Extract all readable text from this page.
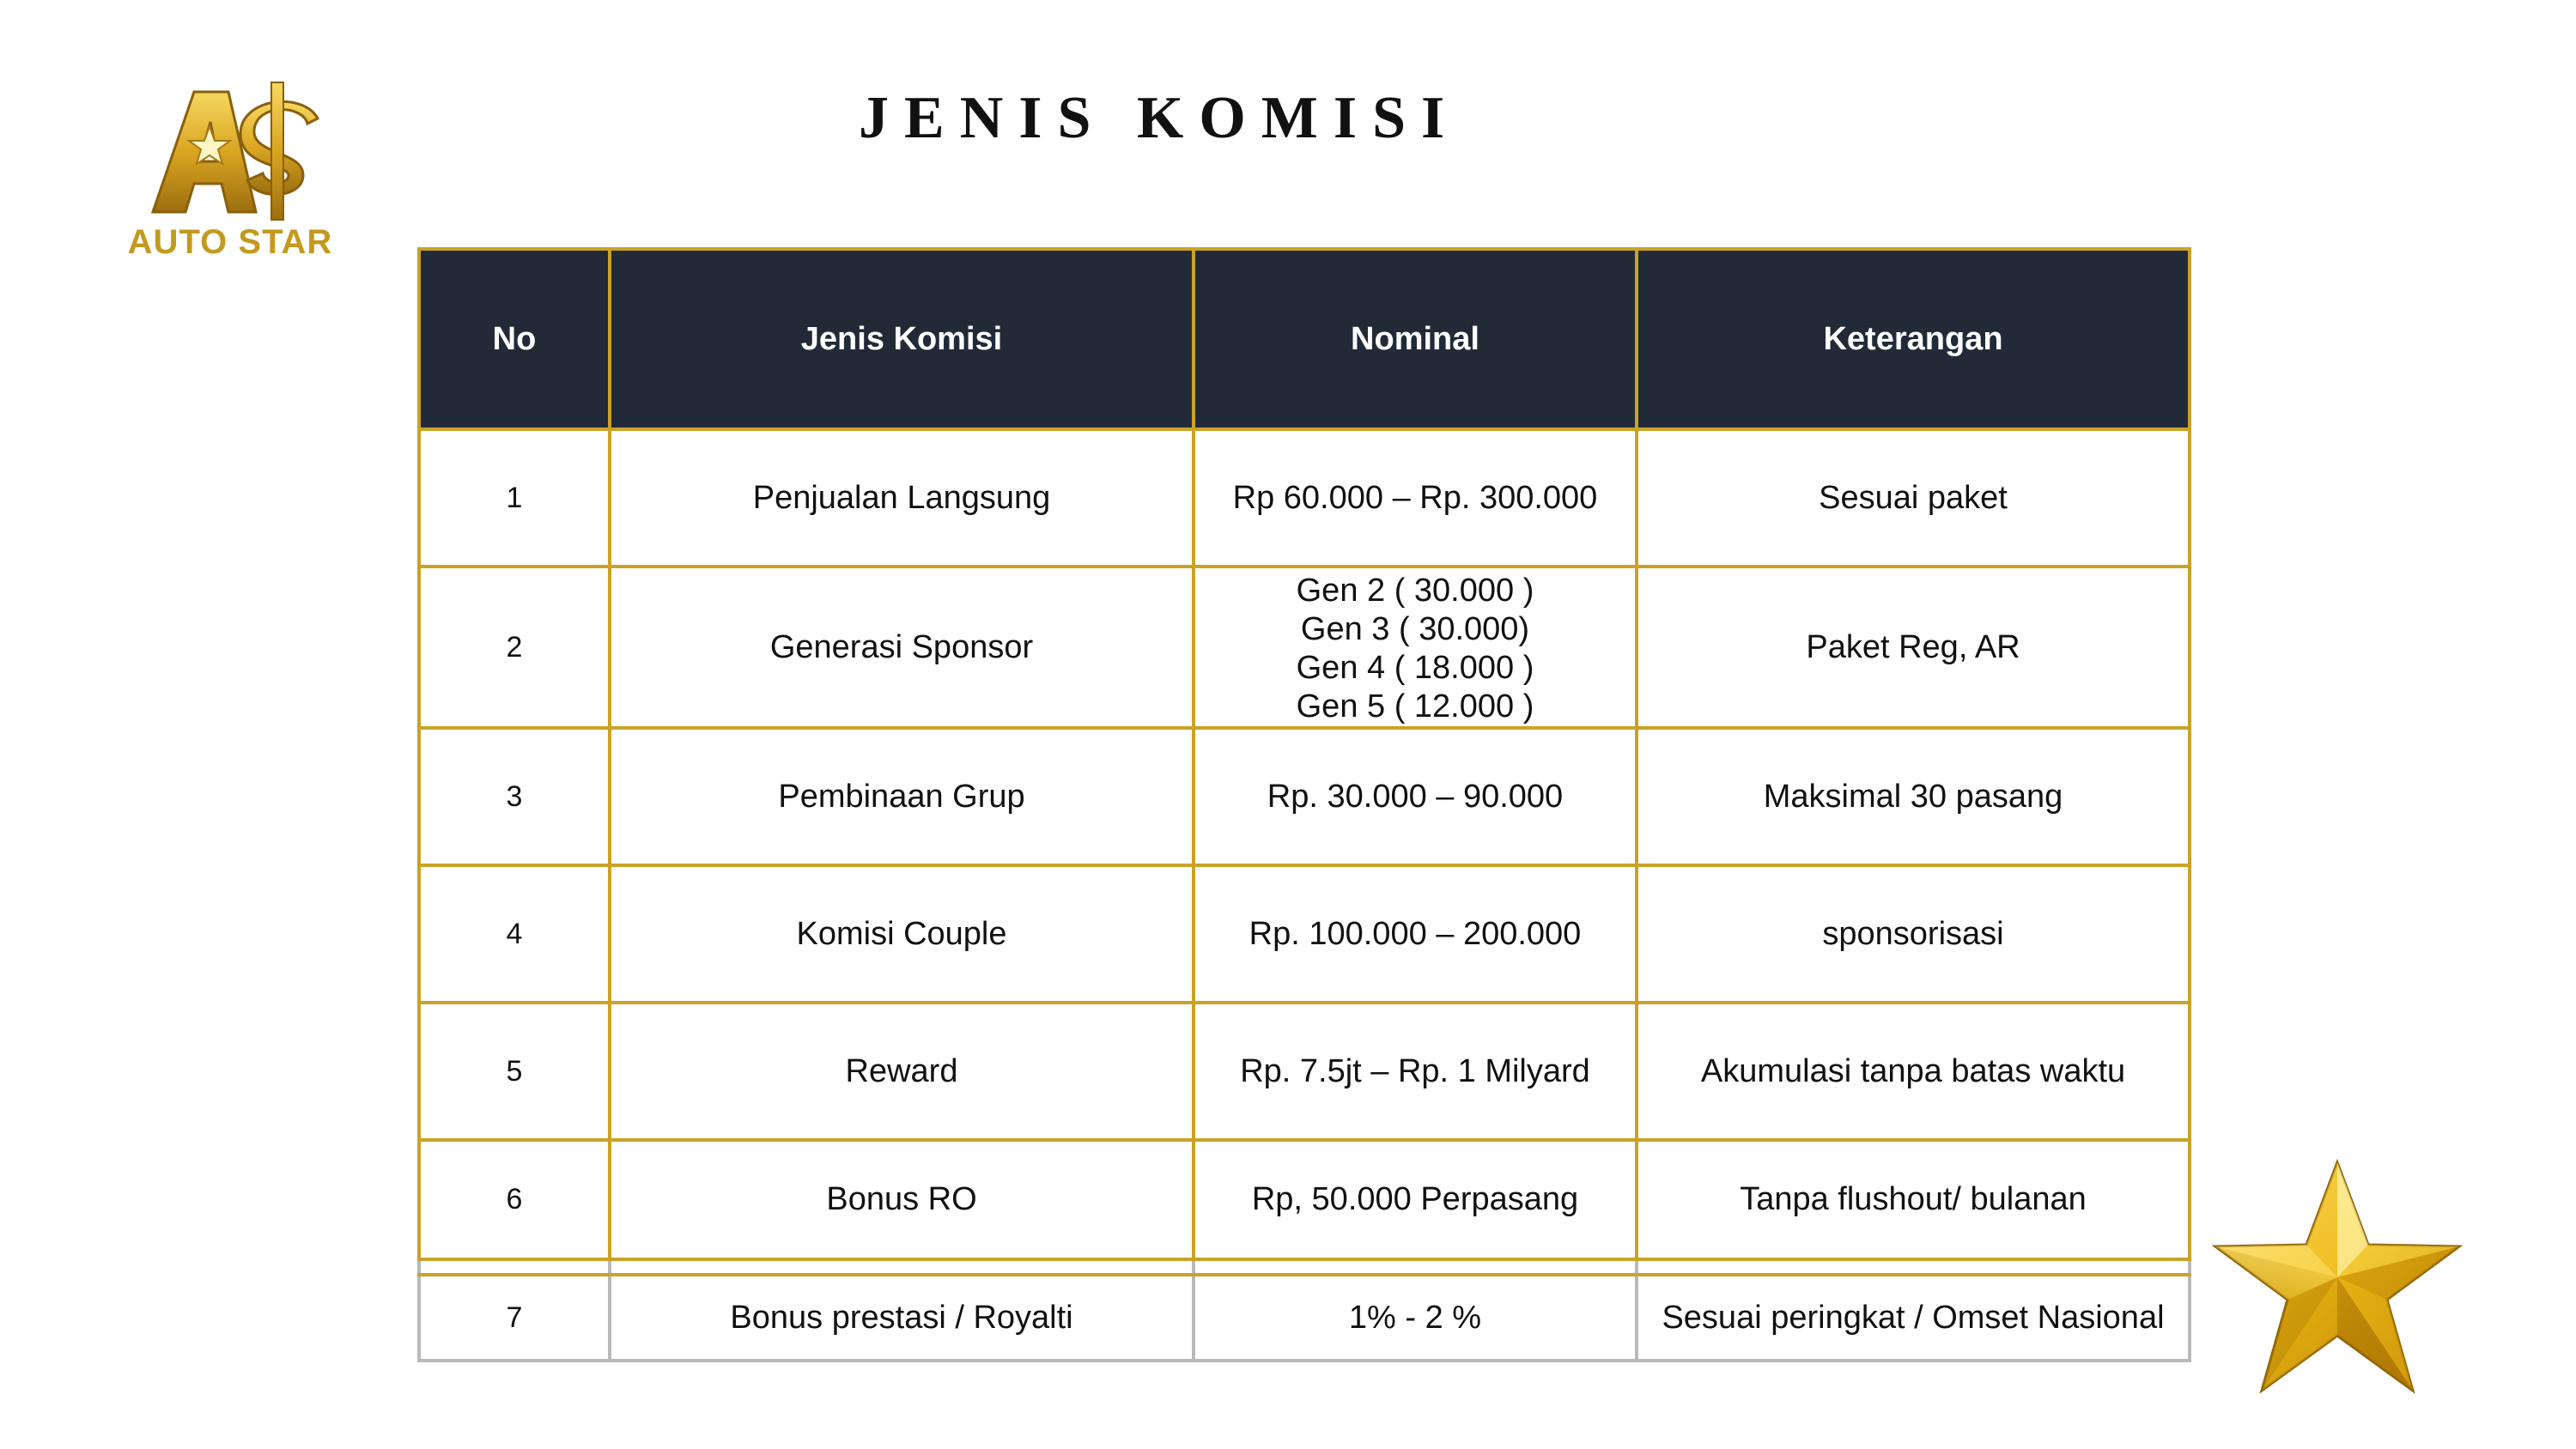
AUTO STAR
JENIS KOMISI
No	Jenis Komisi	Nominal	Keterangan
1	Penjualan Langsung	Rp 60.000 – Rp. 300.000	Sesuai paket
2	Generasi Sponsor	Gen 2 ( 30.000 )
Gen 3 ( 30.000)
Gen 4 ( 18.000 )
Gen 5 ( 12.000 )	Paket Reg, AR
3	Pembinaan Grup	Rp. 30.000 – 90.000	Maksimal 30 pasang
4	Komisi Couple	Rp. 100.000 – 200.000	sponsorisasi
5	Reward	Rp. 7.5jt – Rp. 1 Milyard	Akumulasi tanpa batas waktu
6	Bonus RO	Rp, 50.000 Perpasang	Tanpa flushout/ bulanan

7	Bonus prestasi / Royalti	1% - 2 %	Sesuai peringkat / Omset Nasional
